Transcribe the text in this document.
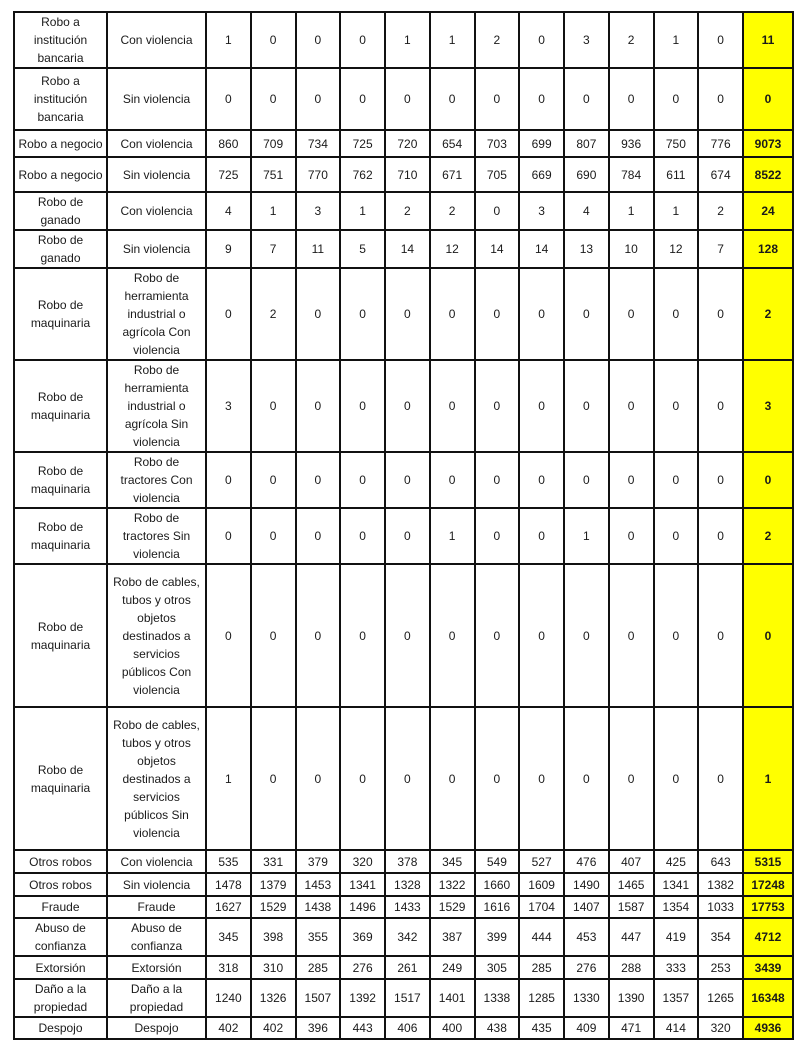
Robo a institución bancaria	Con violencia	1	0	0	0	1	1	2	0	3	2	1	0	11
Robo a institución bancaria	Sin violencia	0	0	0	0	0	0	0	0	0	0	0	0	0
Robo a negocio	Con violencia	860	709	734	725	720	654	703	699	807	936	750	776	9073
Robo a negocio	Sin violencia	725	751	770	762	710	671	705	669	690	784	611	674	8522
Robo de ganado	Con violencia	4	1	3	1	2	2	0	3	4	1	1	2	24
Robo de ganado	Sin violencia	9	7	11	5	14	12	14	14	13	10	12	7	128
Robo de maquinaria	Robo de herramienta industrial o agrícola Con violencia	0	2	0	0	0	0	0	0	0	0	0	0	2
Robo de maquinaria	Robo de herramienta industrial o agrícola Sin violencia	3	0	0	0	0	0	0	0	0	0	0	0	3
Robo de maquinaria	Robo de tractores Con violencia	0	0	0	0	0	0	0	0	0	0	0	0	0
Robo de maquinaria	Robo de tractores Sin violencia	0	0	0	0	0	1	0	0	1	0	0	0	2
Robo de maquinaria	Robo de cables, tubos y otros objetos destinados a servicios públicos Con violencia	0	0	0	0	0	0	0	0	0	0	0	0	0
Robo de maquinaria	Robo de cables, tubos y otros objetos destinados a servicios públicos Sin violencia	1	0	0	0	0	0	0	0	0	0	0	0	1
Otros robos	Con violencia	535	331	379	320	378	345	549	527	476	407	425	643	5315
Otros robos	Sin violencia	1478	1379	1453	1341	1328	1322	1660	1609	1490	1465	1341	1382	17248
Fraude	Fraude	1627	1529	1438	1496	1433	1529	1616	1704	1407	1587	1354	1033	17753
Abuso de confianza	Abuso de confianza	345	398	355	369	342	387	399	444	453	447	419	354	4712
Extorsión	Extorsión	318	310	285	276	261	249	305	285	276	288	333	253	3439
Daño a la propiedad	Daño a la propiedad	1240	1326	1507	1392	1517	1401	1338	1285	1330	1390	1357	1265	16348
Despojo	Despojo	402	402	396	443	406	400	438	435	409	471	414	320	4936
